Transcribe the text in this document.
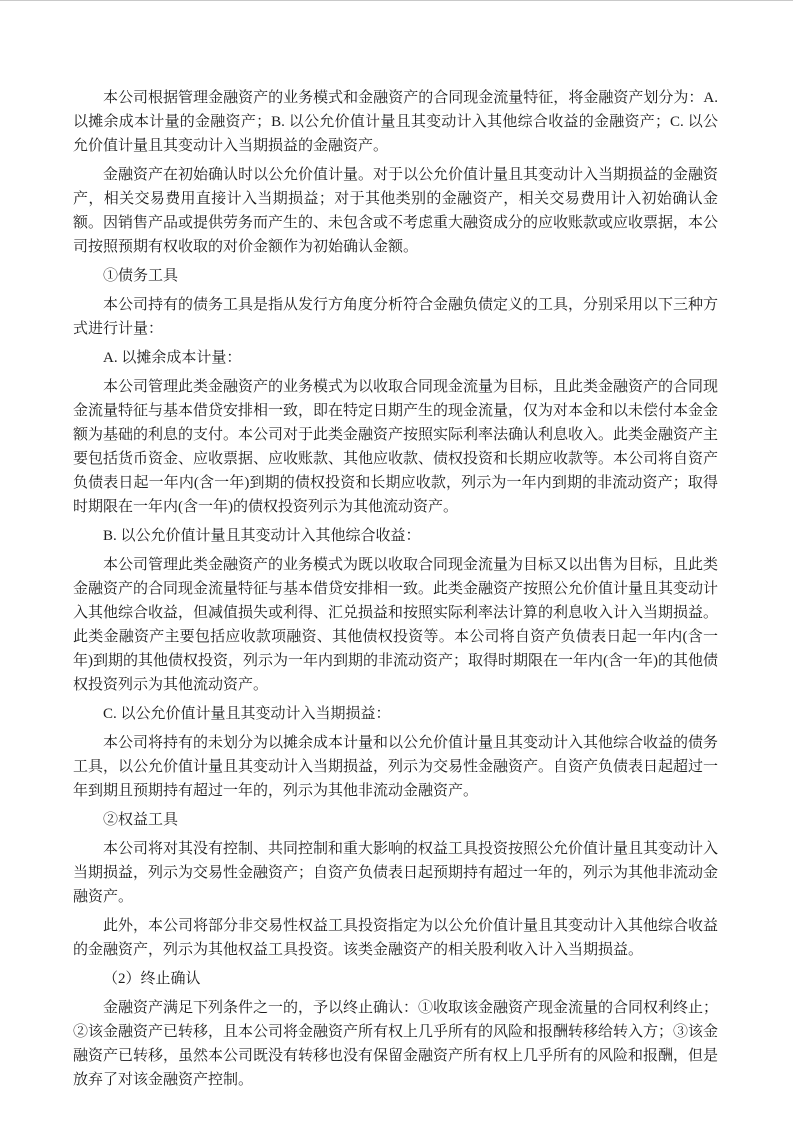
本公司根据管理金融资产的业务模式和金融资产的合同现金流量特征，将金融资产划分为：A. 以摊余成本计量的金融资产；B. 以公允价值计量且其变动计入其他综合收益的金融资产；C. 以公允价值计量且其变动计入当期损益的金融资产。

金融资产在初始确认时以公允价值计量。对于以公允价值计量且其变动计入当期损益的金融资产，相关交易费用直接计入当期损益；对于其他类别的金融资产，相关交易费用计入初始确认金额。因销售产品或提供劳务而产生的、未包含或不考虑重大融资成分的应收账款或应收票据，本公司按照预期有权收取的对价金额作为初始确认金额。

①债务工具

本公司持有的债务工具是指从发行方角度分析符合金融负债定义的工具，分别采用以下三种方式进行计量：

A. 以摊余成本计量：

本公司管理此类金融资产的业务模式为以收取合同现金流量为目标，且此类金融资产的合同现金流量特征与基本借贷安排相一致，即在特定日期产生的现金流量，仅为对本金和以未偿付本金金额为基础的利息的支付。本公司对于此类金融资产按照实际利率法确认利息收入。此类金融资产主要包括货币资金、应收票据、应收账款、其他应收款、债权投资和长期应收款等。本公司将自资产负债表日起一年内(含一年)到期的债权投资和长期应收款，列示为一年内到期的非流动资产；取得时期限在一年内(含一年)的债权投资列示为其他流动资产。

B. 以公允价值计量且其变动计入其他综合收益：

本公司管理此类金融资产的业务模式为既以收取合同现金流量为目标又以出售为目标，且此类金融资产的合同现金流量特征与基本借贷安排相一致。此类金融资产按照公允价值计量且其变动计入其他综合收益，但减值损失或利得、汇兑损益和按照实际利率法计算的利息收入计入当期损益。此类金融资产主要包括应收款项融资、其他债权投资等。本公司将自资产负债表日起一年内(含一年)到期的其他债权投资，列示为一年内到期的非流动资产；取得时期限在一年内(含一年)的其他债权投资列示为其他流动资产。

C. 以公允价值计量且其变动计入当期损益：

本公司将持有的未划分为以摊余成本计量和以公允价值计量且其变动计入其他综合收益的债务工具，以公允价值计量且其变动计入当期损益，列示为交易性金融资产。自资产负债表日起超过一年到期且预期持有超过一年的，列示为其他非流动金融资产。

②权益工具

本公司将对其没有控制、共同控制和重大影响的权益工具投资按照公允价值计量且其变动计入当期损益，列示为交易性金融资产；自资产负债表日起预期持有超过一年的，列示为其他非流动金融资产。

此外，本公司将部分非交易性权益工具投资指定为以公允价值计量且其变动计入其他综合收益的金融资产，列示为其他权益工具投资。该类金融资产的相关股利收入计入当期损益。

（2）终止确认

金融资产满足下列条件之一的，予以终止确认：①收取该金融资产现金流量的合同权利终止；②该金融资产已转移，且本公司将金融资产所有权上几乎所有的风险和报酬转移给转入方；③该金融资产已转移，虽然本公司既没有转移也没有保留金融资产所有权上几乎所有的风险和报酬，但是放弃了对该金融资产控制。
